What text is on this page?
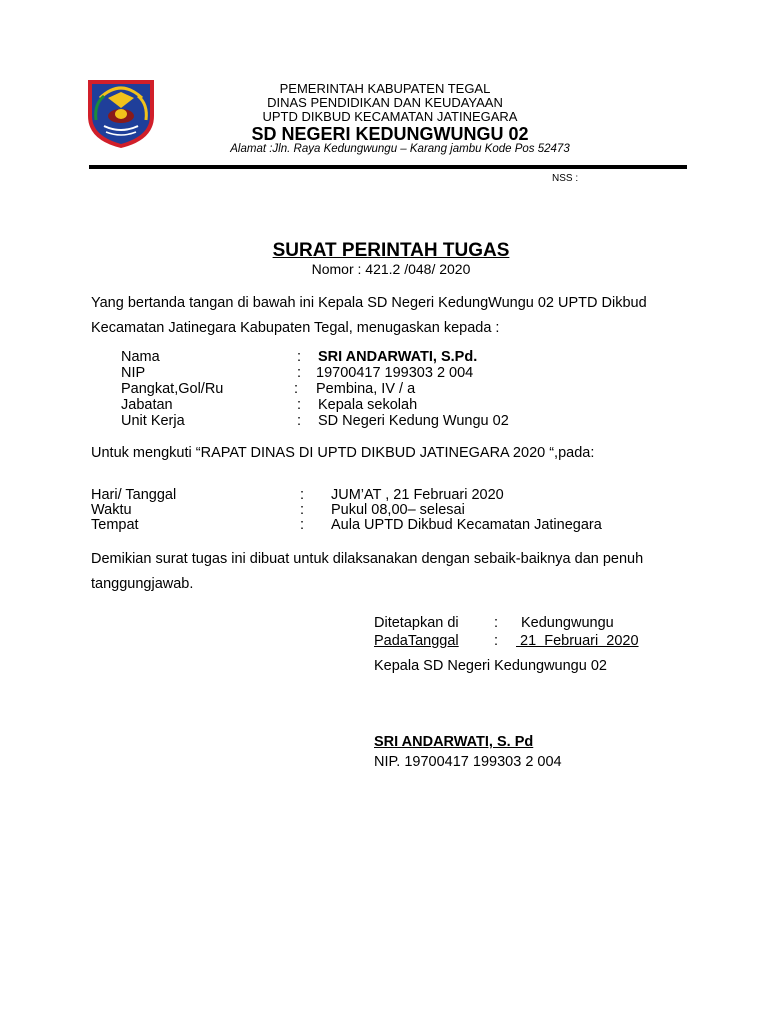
PEMERINTAH KABUPATEN TEGAL
DINAS PENDIDIKAN DAN KEUDAYAAN
UPTD DIKBUD KECAMATAN JATINEGARA
SD NEGERI KEDUNGWUNGU 02
Alamat :Jln. Raya Kedungwungu – Karang jambu Kode Pos 52473
NSS :
SURAT PERINTAH TUGAS
Nomor : 421.2 /048/ 2020
Yang bertanda tangan di bawah ini Kepala SD Negeri KedungWungu 02 UPTD Dikbud
Kecamatan Jatinegara Kabupaten Tegal, menugaskan kepada :
Nama	: SRI ANDARWATI, S.Pd.
NIP	: 19700417 199303 2 004
Pangkat,Gol/Ru	: Pembina, IV / a
Jabatan	: Kepala sekolah
Unit Kerja	: SD Negeri Kedung Wungu 02
Untuk mengkuti “RAPAT DINAS DI UPTD DIKBUD JATINEGARA 2020 “,pada:
Hari/ Tanggal	: JUM’AT , 21 Februari 2020
Waktu	: Pukul 08,00– selesai
Tempat	: Aula UPTD Dikbud Kecamatan Jatinegara
Demikian surat tugas ini dibuat untuk dilaksanakan dengan sebaik-baiknya dan penuh
tanggungjawab.
Ditetapkan di : Kedungwungu
PadaTanggal : 21  Februari  2020
Kepala SD Negeri Kedungwungu 02
SRI ANDARWATI, S. Pd
NIP. 19700417 199303 2 004
